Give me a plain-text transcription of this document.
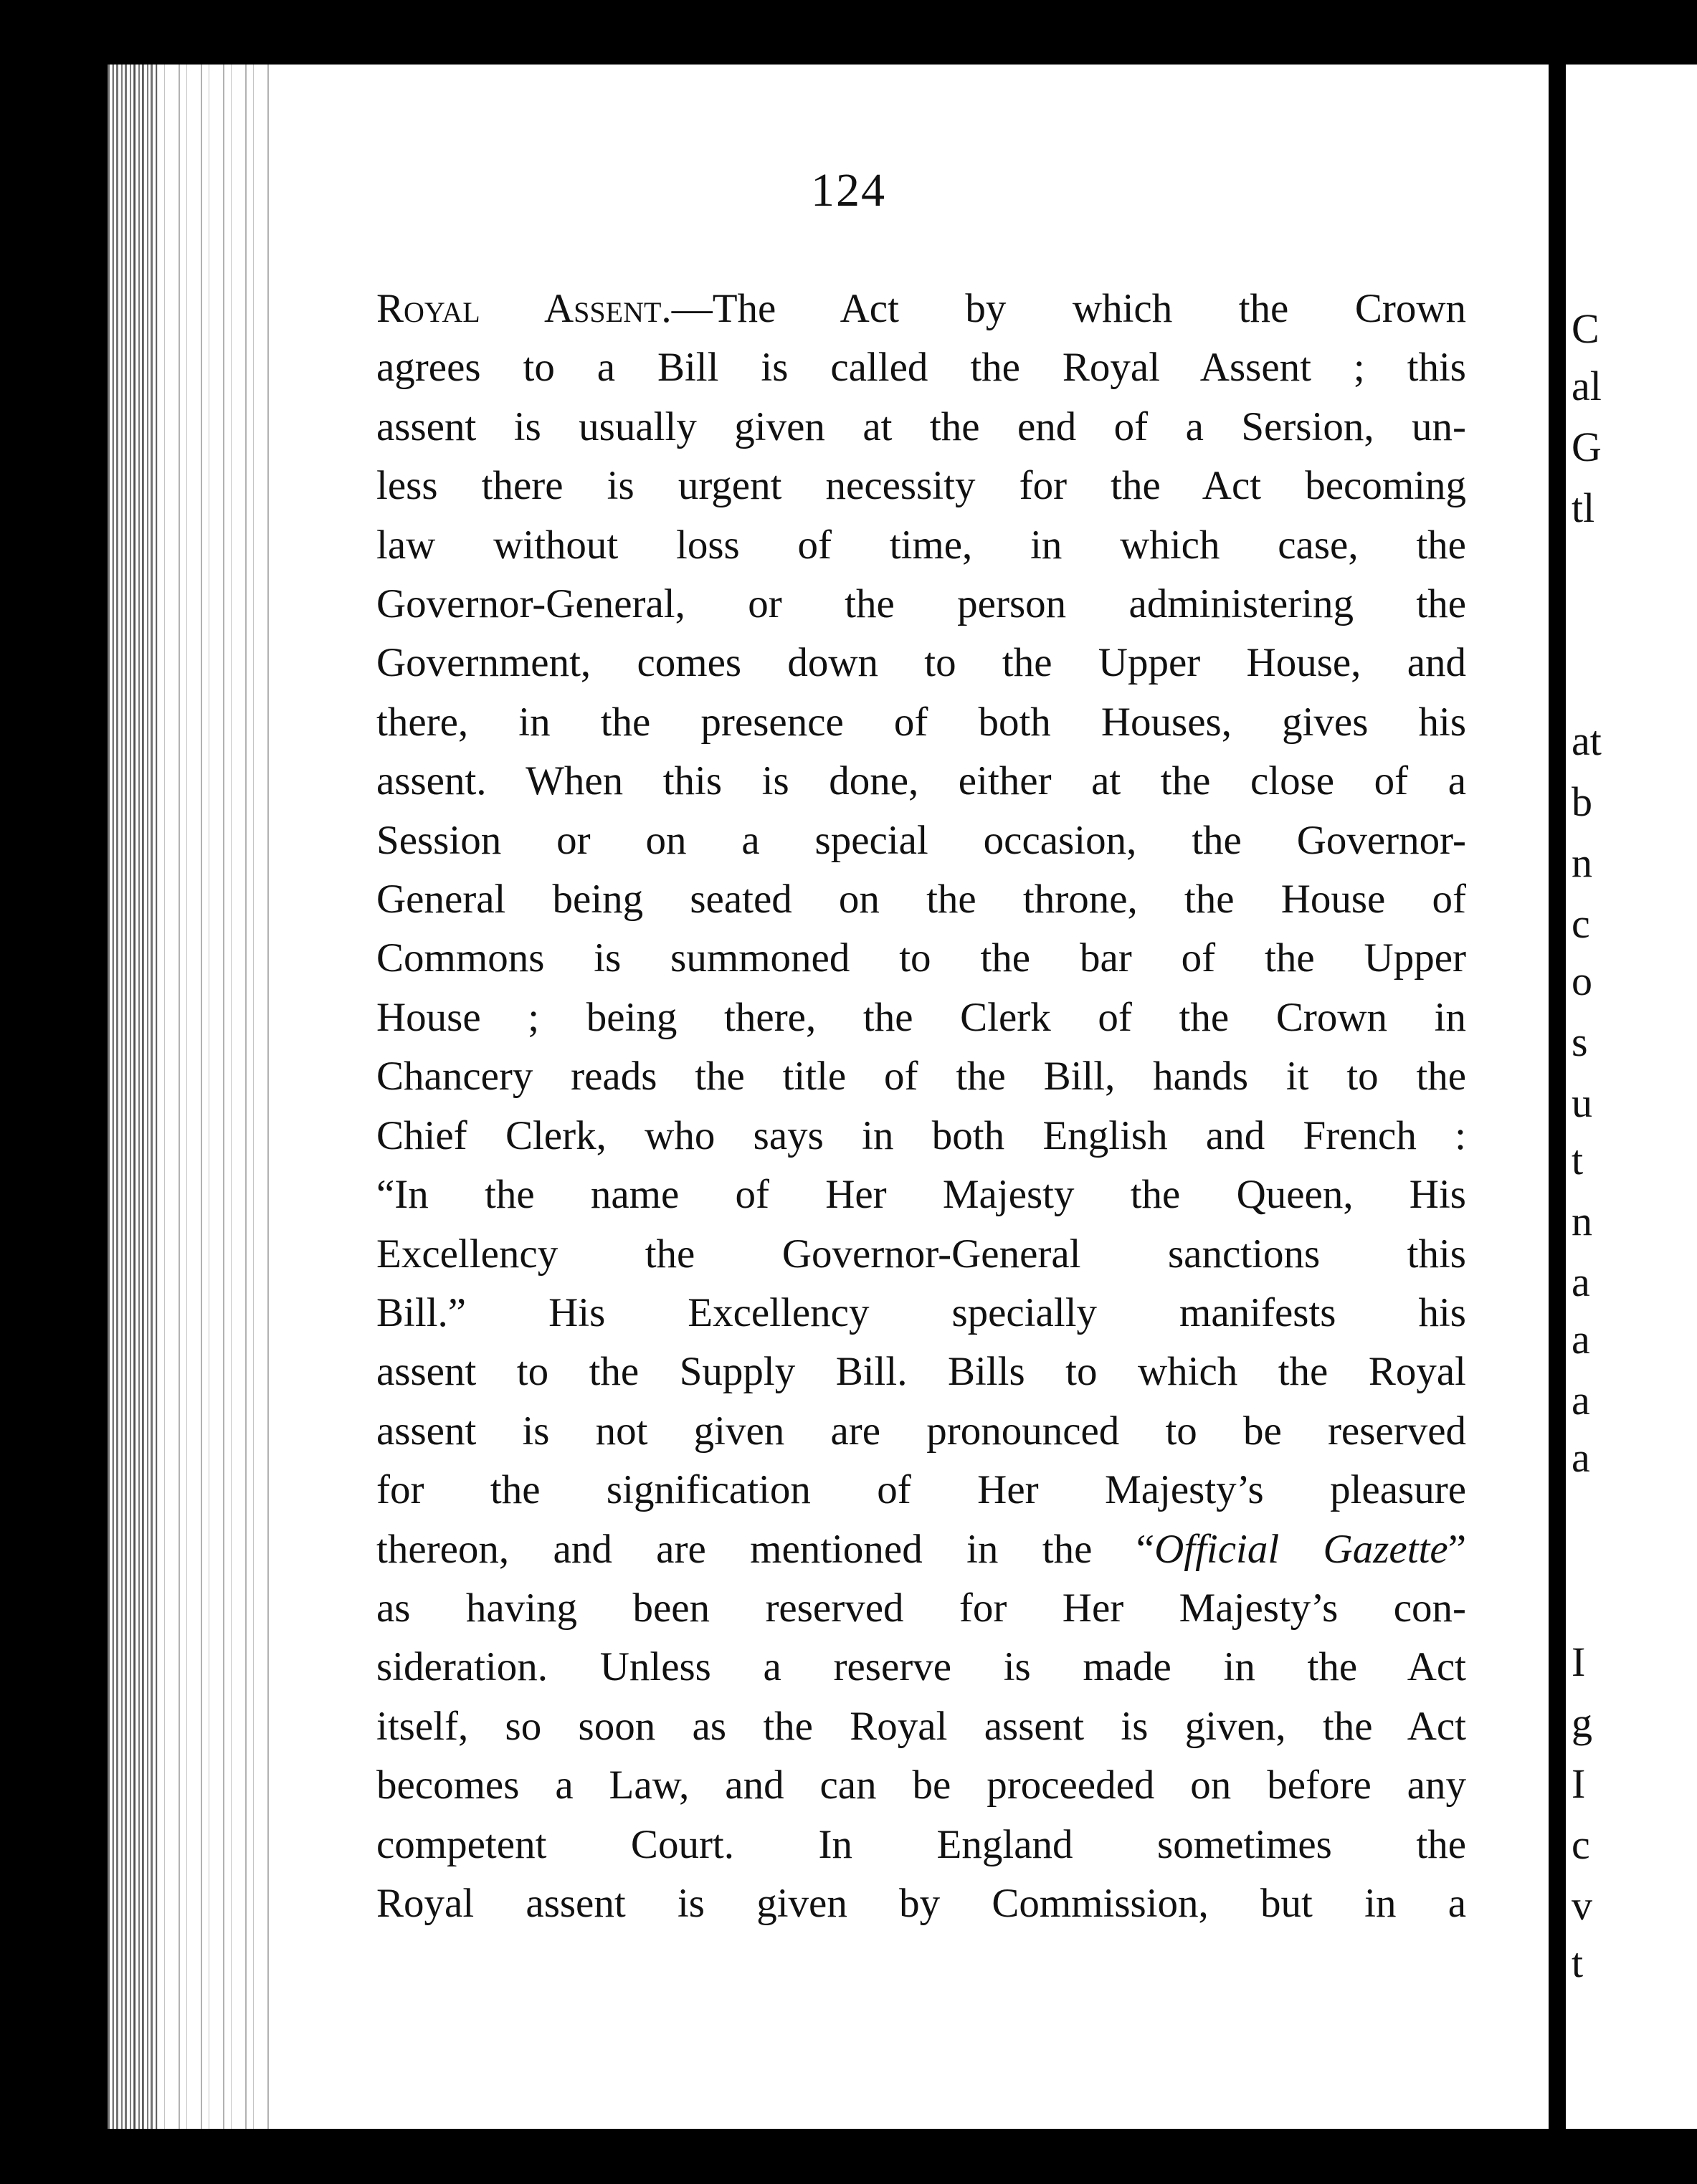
C
al
G
tl
at
b
n
c
o
s
u
t
n
a
a
a
a
I
g
I
c
v
t
124
Royal Assent.—The Act by which the Crown
agrees to a Bill is called the Royal Assent ; this
assent is usually given at the end of a Sersion, un-
less there is urgent necessity for the Act becoming
law without loss of time, in which case, the
Governor-General, or the person administering the
Government, comes down to the Upper House, and
there, in the presence of both Houses, gives his
assent. When this is done, either at the close of a
Session or on a special occasion, the Governor-
General being seated on the throne, the House of
Commons is summoned to the bar of the Upper
House ; being there, the Clerk of the Crown in
Chancery reads the title of the Bill, hands it to the
Chief Clerk, who says in both English and French :
“In the name of Her Majesty the Queen, His
Excellency the Governor-General sanctions this
Bill.” His Excellency specially manifests his
assent to the Supply Bill. Bills to which the Royal
assent is not given are pronounced to be reserved
for the signification of Her Majesty’s pleasure
thereon, and are mentioned in the “Official Gazette”
as having been reserved for Her Majesty’s con-
sideration. Unless a reserve is made in the Act
itself, so soon as the Royal assent is given, the Act
becomes a Law, and can be proceeded on before any
competent Court. In England sometimes the
Royal assent is given by Commission, but in a
